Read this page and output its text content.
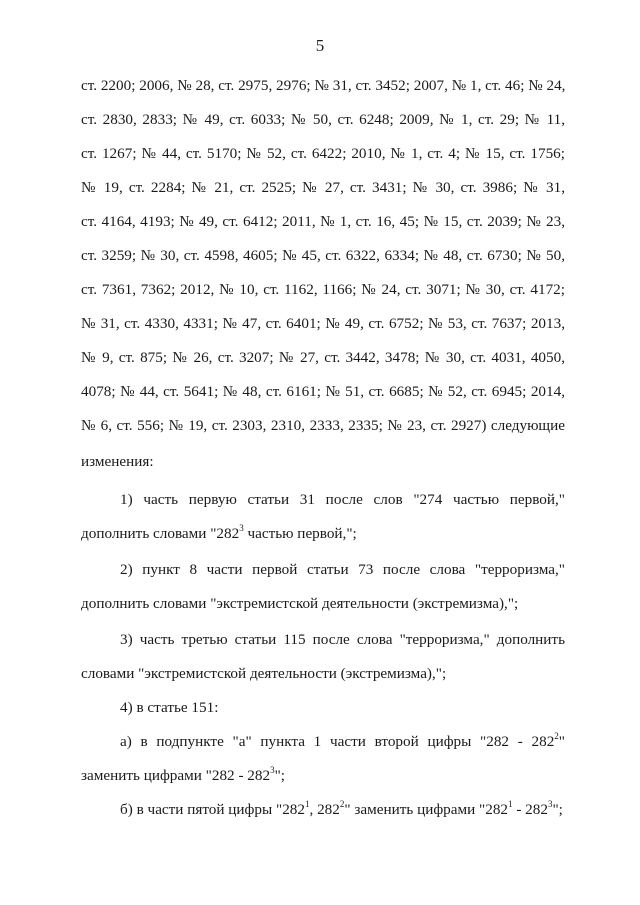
5
ст. 2200; 2006, № 28, ст. 2975, 2976; № 31, ст. 3452; 2007, № 1, ст. 46; № 24,
ст. 2830, 2833; № 49, ст. 6033; № 50, ст. 6248; 2009, № 1, ст. 29; № 11,
ст. 1267; № 44, ст. 5170; № 52, ст. 6422; 2010, № 1, ст. 4; № 15, ст. 1756;
№ 19, ст. 2284; № 21, ст. 2525; № 27, ст. 3431; № 30, ст. 3986; № 31,
ст. 4164, 4193; № 49, ст. 6412; 2011, № 1, ст. 16, 45; № 15, ст. 2039; № 23,
ст. 3259; № 30, ст. 4598, 4605; № 45, ст. 6322, 6334; № 48, ст. 6730; № 50,
ст. 7361, 7362; 2012, № 10, ст. 1162, 1166; № 24, ст. 3071; № 30, ст. 4172;
№ 31, ст. 4330, 4331; № 47, ст. 6401; № 49, ст. 6752; № 53, ст. 7637; 2013,
№ 9, ст. 875; № 26, ст. 3207; № 27, ст. 3442, 3478; № 30, ст. 4031, 4050,
4078; № 44, ст. 5641; № 48, ст. 6161; № 51, ст. 6685; № 52, ст. 6945; 2014,
№ 6, ст. 556; № 19, ст. 2303, 2310, 2333, 2335; № 23, ст. 2927) следующие
изменения:
1) часть первую статьи 31 после слов "274 частью первой,"
дополнить словами "$282^3$ частью первой,";
2) пункт 8 части первой статьи 73 после слова "терроризма,"
дополнить словами "экстремистской деятельности (экстремизма),";
3) часть третью статьи 115 после слова "терроризма," дополнить
словами "экстремистской деятельности (экстремизма),";
4) в статье 151:
а) в подпункте "а" пункта 1 части второй цифры "$282 - 282^2$"
заменить цифрами "$282 - 282^3$";
б) в части пятой цифры "$282^1$, $282^2$" заменить цифрами "$282^1 - 282^3$";
